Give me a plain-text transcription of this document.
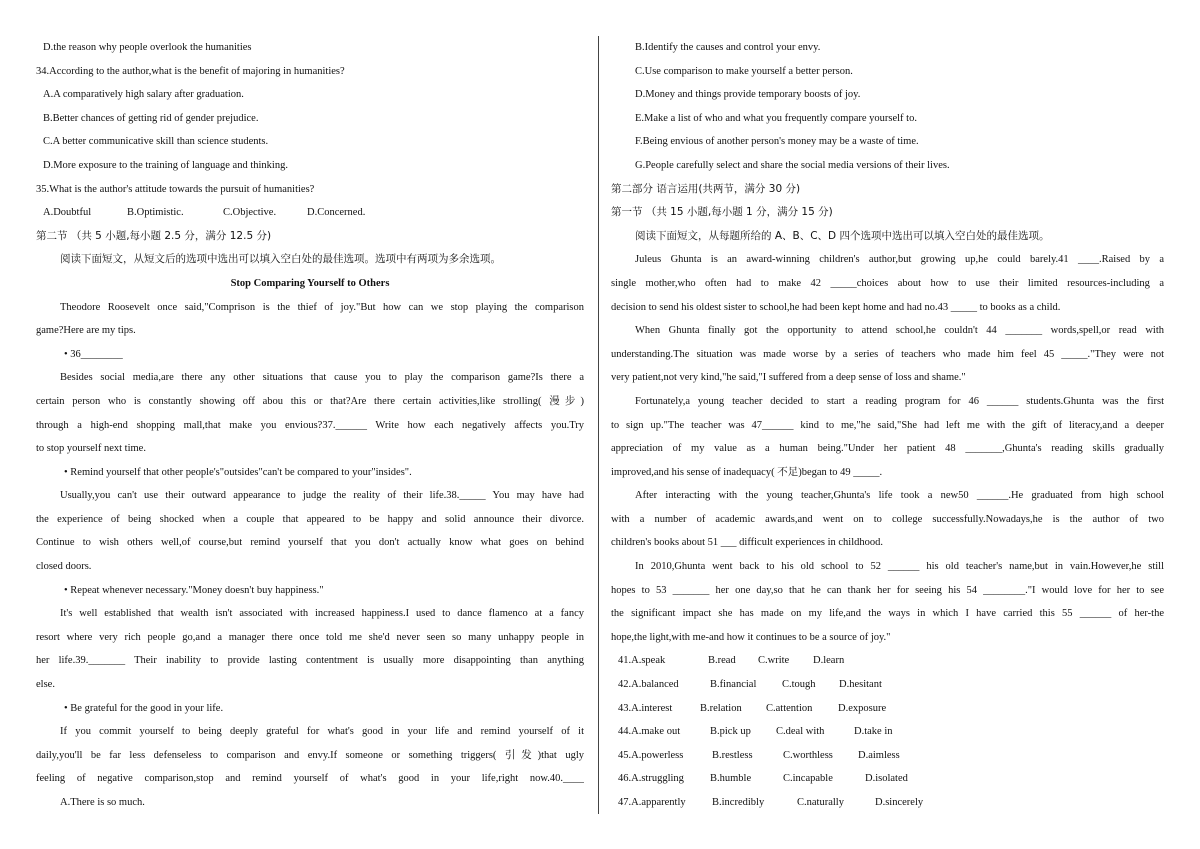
D.the reason why people overlook the humanities
34.According to the author,what is the benefit of majoring in humanities?
A.A comparatively high salary after graduation.
B.Better chances of getting rid of gender prejudice.
C.A better communicative skill than science students.
D.More exposure to the training of language and thinking.
35.What is the author's attitude towards the pursuit of humanities?
A.Doubtful	B.Optimistic.	C.Objective.	D.Concerned.
第二节 （共 5 小题,每小题 2.5 分，满分 12.5 分)
阅读下面短文，从短文后的选项中选出可以填入空白处的最佳选项。选项中有两项为多余选项。
Stop Comparing Yourself to Others
Theodore Roosevelt once said,"Comprison is the thief of joy."But how can we stop playing the comparison
game?Here are my tips.
• 36________
Besides social media,are there any other situations that cause you to play the comparison game?Is there a
certain person who is constantly showing off abou this or that?Are there certain activities,like strolling( 漫步)
through a high-end shopping mall,that make you envious?37.______ Write how each negatively affects you.Try
to stop yourself next time.
• Remind yourself that other people's"outsides"can't be compared to your"insides".
Usually,you can't use their outward appearance to judge the reality of their life.38._____ You may have had
the experience of being shocked when a couple that appeared to be happy and solid announce their divorce.
Continue to wish others well,of course,but remind yourself that you don't actually know what goes on behind
closed doors.
• Repeat whenever necessary."Money doesn't buy happiness."
It's well established that wealth isn't associated with increased happiness.I used to dance flamenco at a fancy
resort where very rich people go,and a manager there once told me she'd never seen so many unhappy people in
her life.39._______ Their inability to provide lasting contentment is usually more disappointing than anything
else.
• Be grateful for the good in your life.
If you commit yourself to being deeply grateful for what's good in your life and remind yourself of it
daily,you'll be far less defenseless to comparison and envy.If someone or something triggers( 引发)that ugly
feeling of negative comparison,stop and remind yourself of what's good in your life,right now.40.____
A.There is so much.
B.Identify the causes and control your envy.
C.Use comparison to make yourself a better person.
D.Money and things provide temporary boosts of joy.
E.Make a list of who and what you frequently compare yourself to.
F.Being envious of another person's money may be a waste of time.
G.People carefully select and share the social media versions of their lives.
第二部分 语言运用(共两节，满分 30 分)
第一节 （共 15 小题,每小题 1 分，满分 15 分)
阅读下面短文，从每题所给的 A、B、C、D 四个选项中选出可以填入空白处的最佳选项。
Juleus Ghunta is an award-winning children's author,but growing up,he could barely.41 ____.Raised by a
single mother,who often had to make 42 _____choices about how to use their limited resources-including a
decision to send his oldest sister to school,he had been kept home and had no.43 _____ to books as a child.
When Ghunta finally got the opportunity to attend school,he couldn't 44 _______ words,spell,or read with
understanding.The situation was made worse by a series of teachers who made him feel 45 _____."They were not
very patient,not very kind,"he said,"I suffered from a deep sense of loss and shame."
Fortunately,a young teacher decided to start a reading program for 46 ______ students.Ghunta was the first
to sign up."The teacher was 47______ kind to me,"he said,"She had left me with the gift of literacy,and a deeper
appreciation of my value as a human being."Under her patient 48 _______,Ghunta's reading skills gradually
improved,and his sense of inadequacy( 不足)began to 49 _____.
After interacting with the young teacher,Ghunta's life took a new50 ______.He graduated from high school
with a number of academic awards,and went on to college successfully.Nowadays,he is the author of two
children's books about 51 ___ difficult experiences in childhood.
In 2010,Ghunta went back to his old school to 52 ______ his old teacher's name,but in vain.However,he still
hopes to 53 _______ her one day,so that he can thank her for seeing his 54 ________."I would love for her to see
the significant impact she has made on my life,and the ways in which I have carried this 55 ______ of her-the
hope,the light,with me-and how it continues to be a source of joy."
41.A.speak	B.read	C.write	D.learn
42.A.balanced	B.financial	C.tough	D.hesitant
43.A.interest	B.relation	C.attention	D.exposure
44.A.make out	B.pick up	C.deal with	D.take in
45.A.powerless	B.restless	C.worthless	D.aimless
46.A.struggling	B.humble	C.incapable	D.isolated
47.A.apparently	B.incredibly	C.naturally	D.sincerely
